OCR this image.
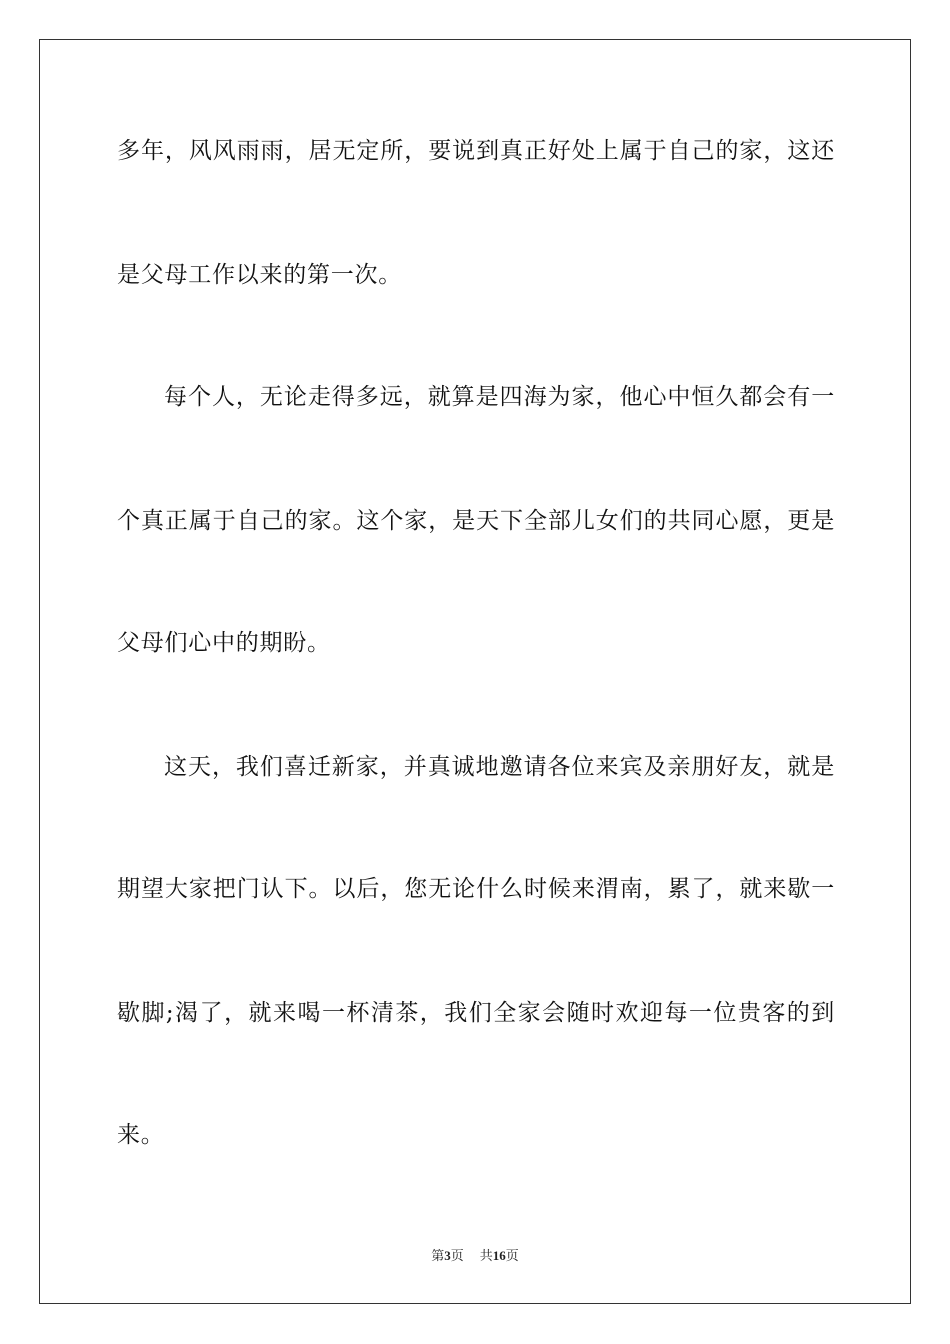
多年，风风雨雨，居无定所，要说到真正好处上属于自己的家，这还
是父母工作以来的第一次。
每个人，无论走得多远，就算是四海为家，他心中恒久都会有一
个真正属于自己的家。这个家，是天下全部儿女们的共同心愿，更是
父母们心中的期盼。
这天，我们喜迁新家，并真诚地邀请各位来宾及亲朋好友，就是
期望大家把门认下。以后，您无论什么时候来渭南，累了，就来歇一
歇脚;渴了，就来喝一杯清茶，我们全家会随时欢迎每一位贵客的到
来。
第3页 共16页
